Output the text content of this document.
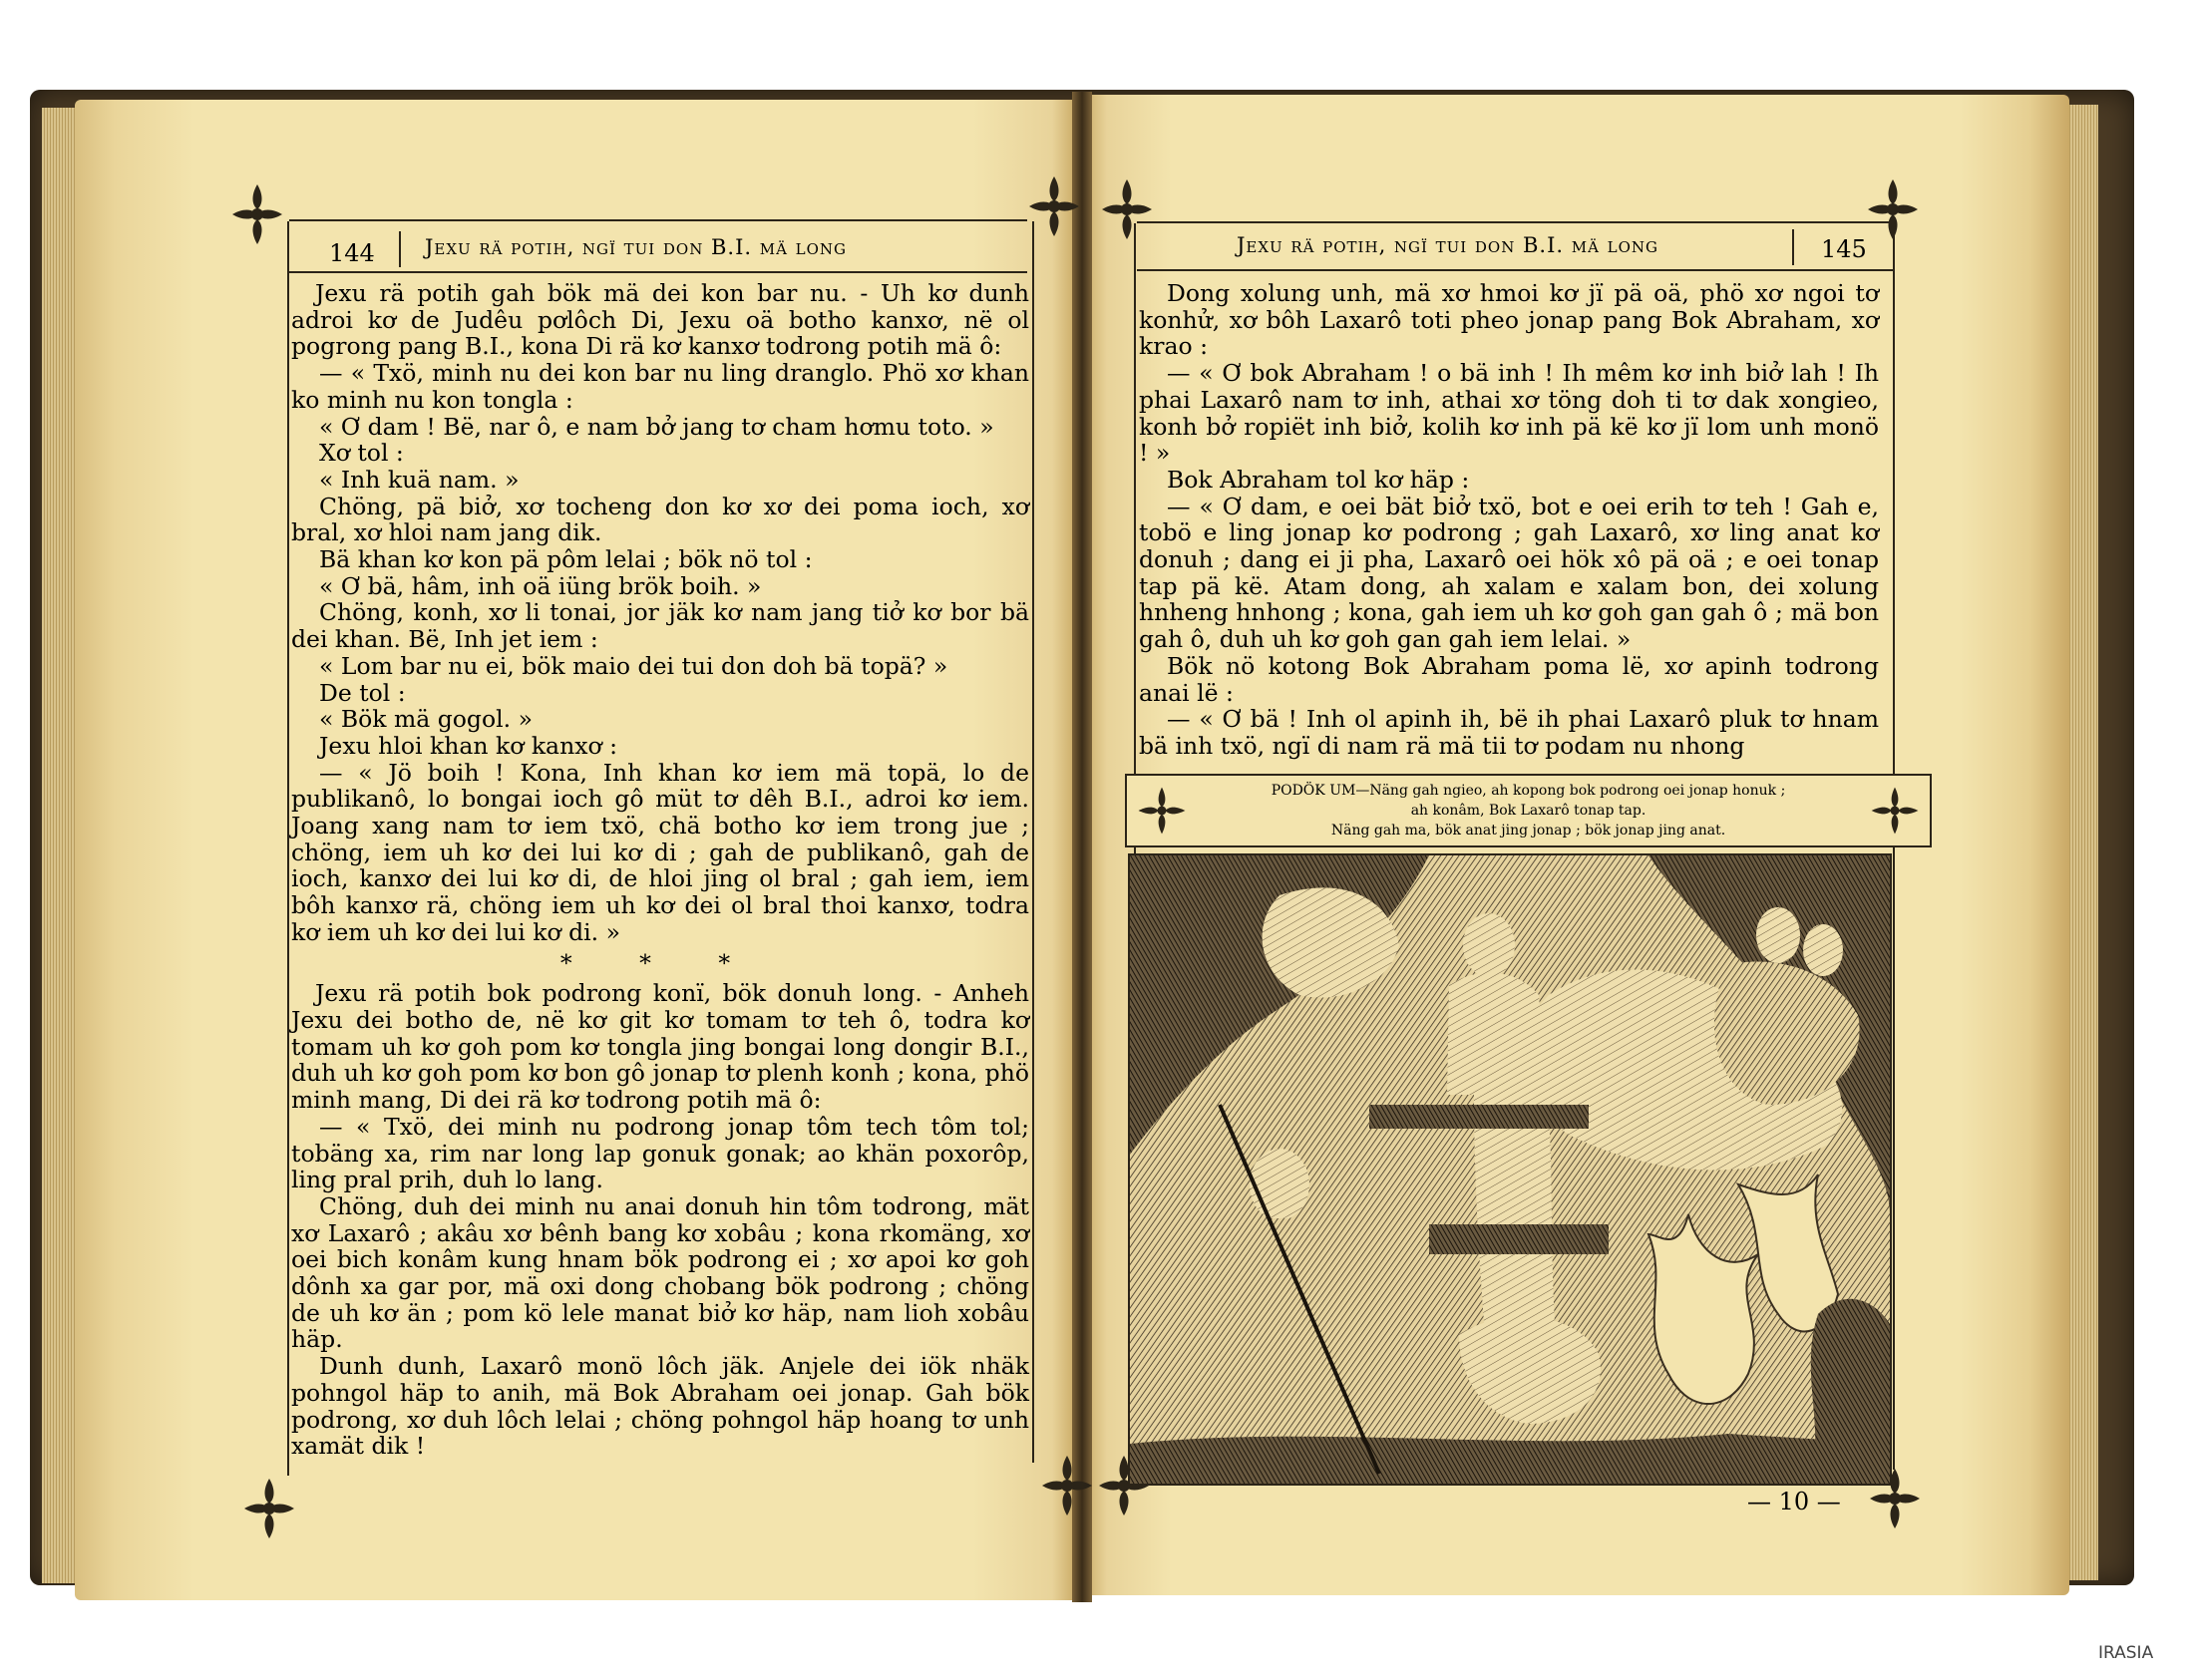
144 Jexu rä potih, ngï tui don B.I. mä long	Jexu rä potih, ngï tui don B.I. mä long	145

Jexu rä potih gah bök mä dei kon bar nu. - Uh kơ dunh adroi kơ de Judêu pơlôch Di, Jexu oä botho kanxơ, në ol pogrong pang B.I., kona Di rä kơ kanxơ todrong potih mä ô:

— « Txö, minh nu dei kon bar nu ling dranglo. Phö xơ khan ko minh nu kon tongla :

« Ơ dam ! Bë, nar ô, e nam bở jang tơ cham hơmu toto. »

Xơ tol :

« Inh kuä nam. »

Chöng, pä biở, xơ tocheng don kơ xơ dei poma ioch, xơ bral, xơ hloi nam jang dik.

Bä khan kơ kon pä pôm lelai ; bök nö tol :

« Ơ bä, hâm, inh oä iüng brök boih. »

Chöng, konh, xơ li tonai, jor jäk kơ nam jang tiở kơ bor bä dei khan. Bë, Inh jet iem :

« Lom bar nu ei, bök maio dei tui don doh bä topä? »

De tol :

« Bök mä gogol. »

Jexu hloi khan kơ kanxơ :

— « Jö boih ! Kona, Inh khan kơ iem mä topä, lo de publikanô, lo bongai ioch gô müt tơ dêh B.I., adroi kơ iem. Joang xang nam tơ iem txö, chä botho kơ iem trong jue ; chöng, iem uh kơ dei lui kơ di ; gah de publikanô, gah de ioch, kanxơ dei lui kơ di, de hloi jing ol bral ; gah iem, iem bôh kanxơ rä, chöng iem uh kơ dei ol bral thoi kanxơ, todra kơ iem uh kơ dei lui kơ di. »

* * *

Jexu rä potih bok podrong konï, bök donuh long. - Anheh Jexu dei botho de, në kơ git kơ tomam tơ teh ô, todra kơ tomam uh kơ goh pom kơ tongla jing bongai long dongir B.I., duh uh kơ goh pom kơ bon gô jonap tơ plenh konh ; kona, phö minh mang, Di dei rä kơ todrong potih mä ô:

— « Txö, dei minh nu podrong jonap tôm tech tôm tol; tobäng xa, rim nar long lap gonuk gonak; ao khän poxorôp, ling pral prih, duh lo lang.

Chöng, duh dei minh nu anai donuh hin tôm todrong, mät xơ Laxarô ; akâu xơ bênh bang kơ xobâu ; kona rkomäng, xơ oei bich konâm kung hnam bök podrong ei ; xơ apoi kơ goh dônh xa gar por, mä oxi dong chobang bök podrong ; chöng de uh kơ än ; pom kö lele manat biở kơ häp, nam lioh xobâu häp.

Dunh dunh, Laxarô monö lôch jäk. Anjele dei iök nhäk pohngol häp to anih, mä Bok Abraham oei jonap. Gah bök podrong, xơ duh lôch lelai ; chöng pohngol häp hoang tơ unh xamät dik !

Dong xolung unh, mä xơ hmoi kơ jï pä oä, phö xơ ngoi tơ konhử, xơ bôh Laxarô toti pheo jonap pang Bok Abraham, xơ krao :

— « Ơ bok Abraham ! o bä inh ! Ih mêm kơ inh biở lah ! Ih phai Laxarô nam tơ inh, athai xơ töng doh ti tơ dak xongieo, konh bở ropiët inh biở, kolih kơ inh pä kë kơ jï lom unh monö ! »

Bok Abraham tol kơ häp :

— « Ơ dam, e oei bät biở txö, bot e oei erih tơ teh ! Gah e, tobö e ling jonap kơ podrong ; gah Laxarô, xơ ling anat kơ donuh ; dang ei ji pha, Laxarô oei hök xô pä oä ; e oei tonap tap pä kë. Atam dong, ah xalam e xalam bon, dei xolung hnheng hnhong ; kona, gah iem uh kơ goh gan gah ô ; mä bon gah ô, duh uh kơ goh gan gah iem lelai. »

Bök nö kotong Bok Abraham poma lë, xơ apinh todrong anai lë :

— « Ơ bä ! Inh ol apinh ih, bë ih phai Laxarô pluk tơ hnam bä inh txö, ngï di nam rä mä tii tơ podam nu nhong

PODÖK UM—Näng gah ngieo, ah kopong bok podrong oei jonap honuk ;
ah konâm, Bok Laxarô tonap tap.
Näng gah ma, bök anat jing jonap ; bök jonap jing anat.
— 10 —
IRASIA
